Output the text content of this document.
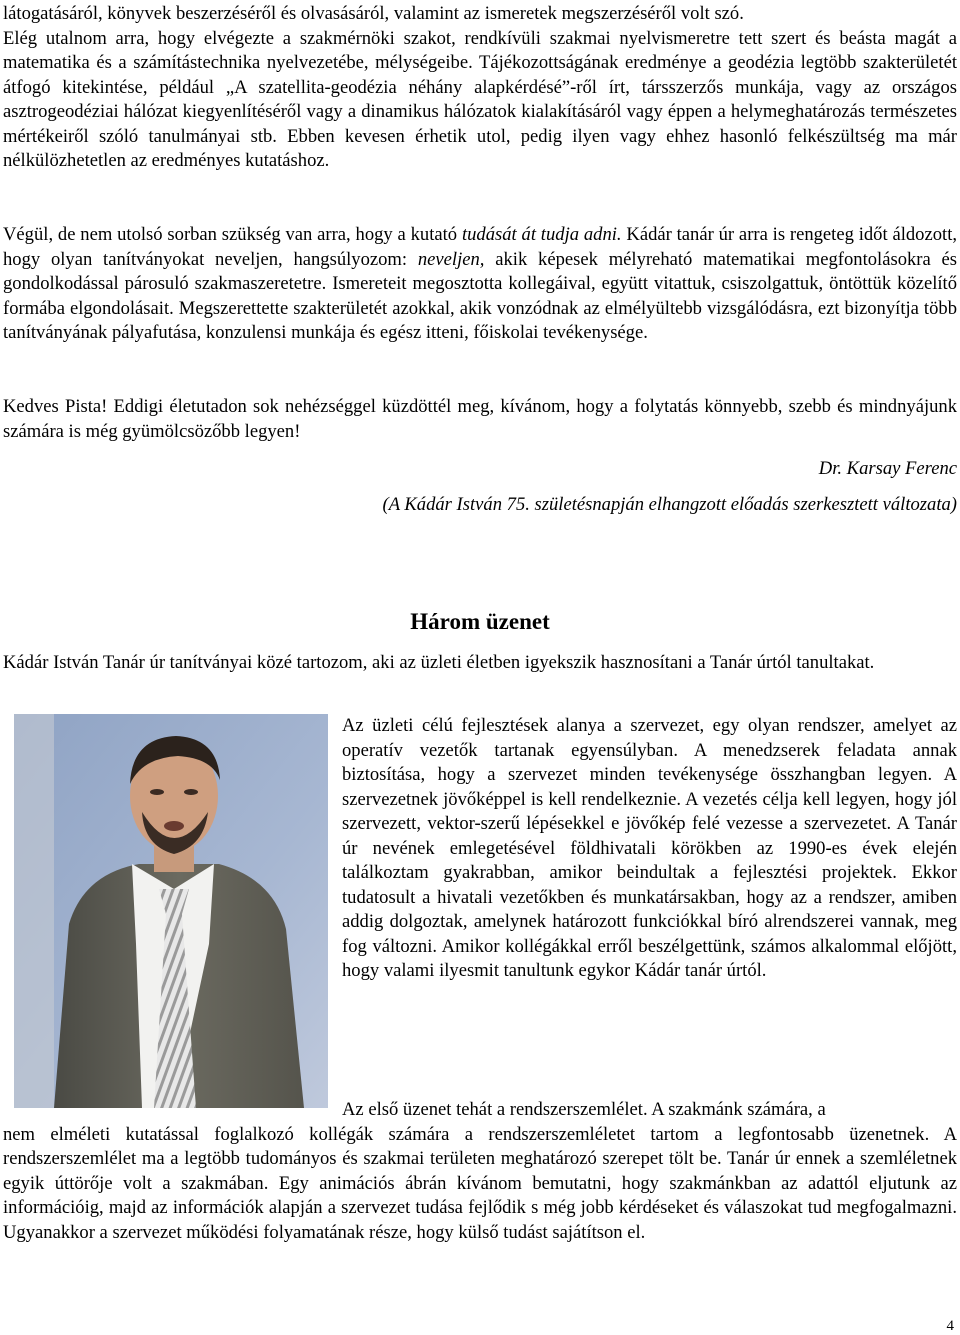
látogatásáról, könyvek beszerzéséről és olvasásáról, valamint az ismeretek megszerzéséről volt szó.
Elég utalnom arra, hogy elvégezte a szakmérnöki szakot, rendkívüli szakmai nyelvismeretre tett szert és beásta magát a matematika és a számítástechnika nyelvezetébe, mélységeibe. Tájékozottságának eredménye a geodézia legtöbb szakterületét átfogó kitekintése, például „A szatellita-geodézia néhány alapkérdésé”-ről írt, társszerzős munkája, vagy az országos asztrogeodéziai hálózat kiegyenlítéséről vagy a dinamikus hálózatok kialakításáról vagy éppen a helymeghatározás természetes mértékeiről szóló tanulmányai stb. Ebben kevesen érhetik utol, pedig ilyen vagy ehhez hasonló felkészültség ma már nélkülözhetetlen az eredményes kutatáshoz.

Végül, de nem utolsó sorban szükség van arra, hogy a kutató tudását át tudja adni. Kádár tanár úr arra is rengeteg időt áldozott, hogy olyan tanítványokat neveljen, hangsúlyozom: neveljen, akik képesek mélyreható matematikai megfontolásokra és gondolkodással párosuló szakmaszeretetre. Ismereteit megosztotta kollegáival, együtt vitattuk, csiszolgattuk, öntöttük közelítő formába elgondolásait. Megszerettette szakterületét azokkal, akik vonzódnak az elmélyültebb vizsgálódásra, ezt bizonyítja több tanítványának pályafutása, konzulensi munkája és egész itteni, főiskolai tevékenysége.

Kedves Pista! Eddigi életutadon sok nehézséggel küzdöttél meg, kívánom, hogy a folytatás könnyebb, szebb és mindnyájunk számára is még gyümölcsözőbb legyen!

Dr. Karsay Ferenc

(A Kádár István 75. születésnapján elhangzott előadás szerkesztett változata)

Három üzenet

Kádár István Tanár úr tanítványai közé tartozom, aki az üzleti életben igyekszik hasznosítani a Tanár úrtól tanultakat.

Az üzleti célú fejlesztések alanya a szervezet, egy olyan rendszer, amelyet az operatív vezetők tartanak egyensúlyban. A menedzserek feladata annak biztosítása, hogy a szervezet minden tevékenysége összhangban legyen. A szervezetnek jövőképpel is kell rendelkeznie. A vezetés célja kell legyen, hogy jól szervezett, vektor-szerű lépésekkel e jövőkép felé vezesse a szervezetet. A Tanár úr nevének emlegetésével földhivatali körökben az 1990-es évek elején találkoztam gyakrabban, amikor beindultak a fejlesztési projektek. Ekkor tudatosult a hivatali vezetőkben és munkatársakban, hogy az a rendszer, amiben addig dolgoztak, amelynek határozott funkciókkal bíró alrendszerei vannak, meg fog változni. Amikor kollégákkal erről beszélgettünk, számos alkalommal előjött, hogy valami ilyesmit tanultunk egykor Kádár tanár úrtól.

Az első üzenet tehát a rendszerszemlélet. A szakmánk számára, a
nem elméleti kutatással foglalkozó kollégák számára a rendszerszemléletet tartom a legfontosabb üzenetnek. A rendszerszemlélet ma a legtöbb tudományos és szakmai területen meghatározó szerepet tölt be. Tanár úr ennek a szemléletnek egyik úttörője volt a szakmában. Egy animációs ábrán kívánom bemutatni, hogy szakmánkban az adattól eljutunk az információig, majd az információk alapján a szervezet tudása fejlődik s még jobb kérdéseket és válaszokat tud megfogalmazni. Ugyanakkor a szervezet működési folyamatának része, hogy külső tudást sajátítson el.

4
